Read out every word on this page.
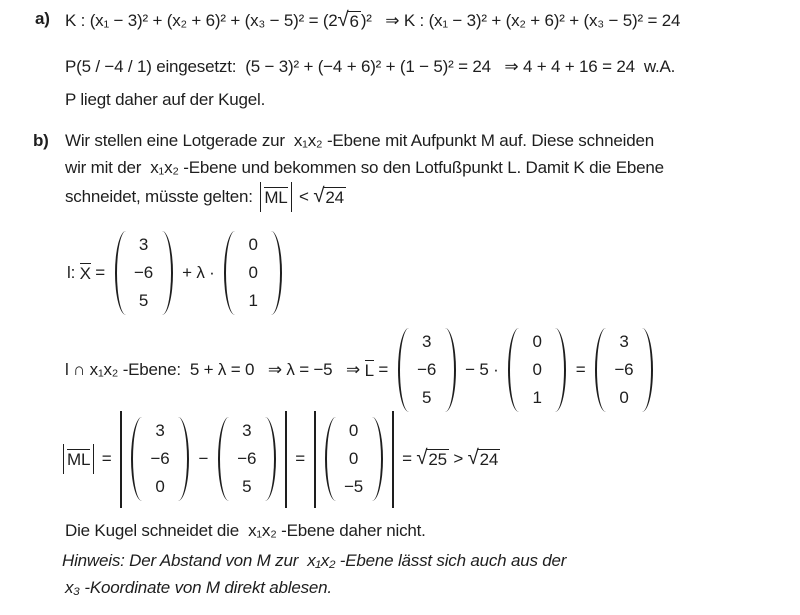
a) K : (x₁ − 3)² + (x₂ + 6)² + (x₃ − 5)² = (2 √ 6 )²   ⇒ K : (x₁ − 3)² + (x₂ + 6)² + (x₃ − 5)² = 24
P(5 / −4 / 1) eingesetzt:  (5 − 3)² + (−4 + 6)² + (1 − 5)² = 24   ⇒ 4 + 4 + 16 = 24  w.A.
P liegt daher auf der Kugel.
b) Wir stellen eine Lotgerade zur  x₁x₂ -Ebene mit Aufpunkt M auf. Diese schneiden
wir mit der  x₁x₂ -Ebene und bekommen so den Lotfußpunkt L. Damit K die Ebene
schneidet, müsste gelten: ML < √ 24
l: X =
3
−6
5
+ λ ·
0
0
1
l ∩ x₁x₂ -Ebene:  5 + λ = 0   ⇒ λ = −5   ⇒ L =
3
−6
5
− 5 ·
0
0
1
=
3
−6
0
ML =
3
−6
0
−
3
−6
5
=
0
0
−5
= √ 25 > √ 24
Die Kugel schneidet die  x₁x₂ -Ebene daher nicht.
Hinweis: Der Abstand von M zur  x₁x₂ -Ebene lässt sich auch aus der
x₃ -Koordinate von M direkt ablesen.
